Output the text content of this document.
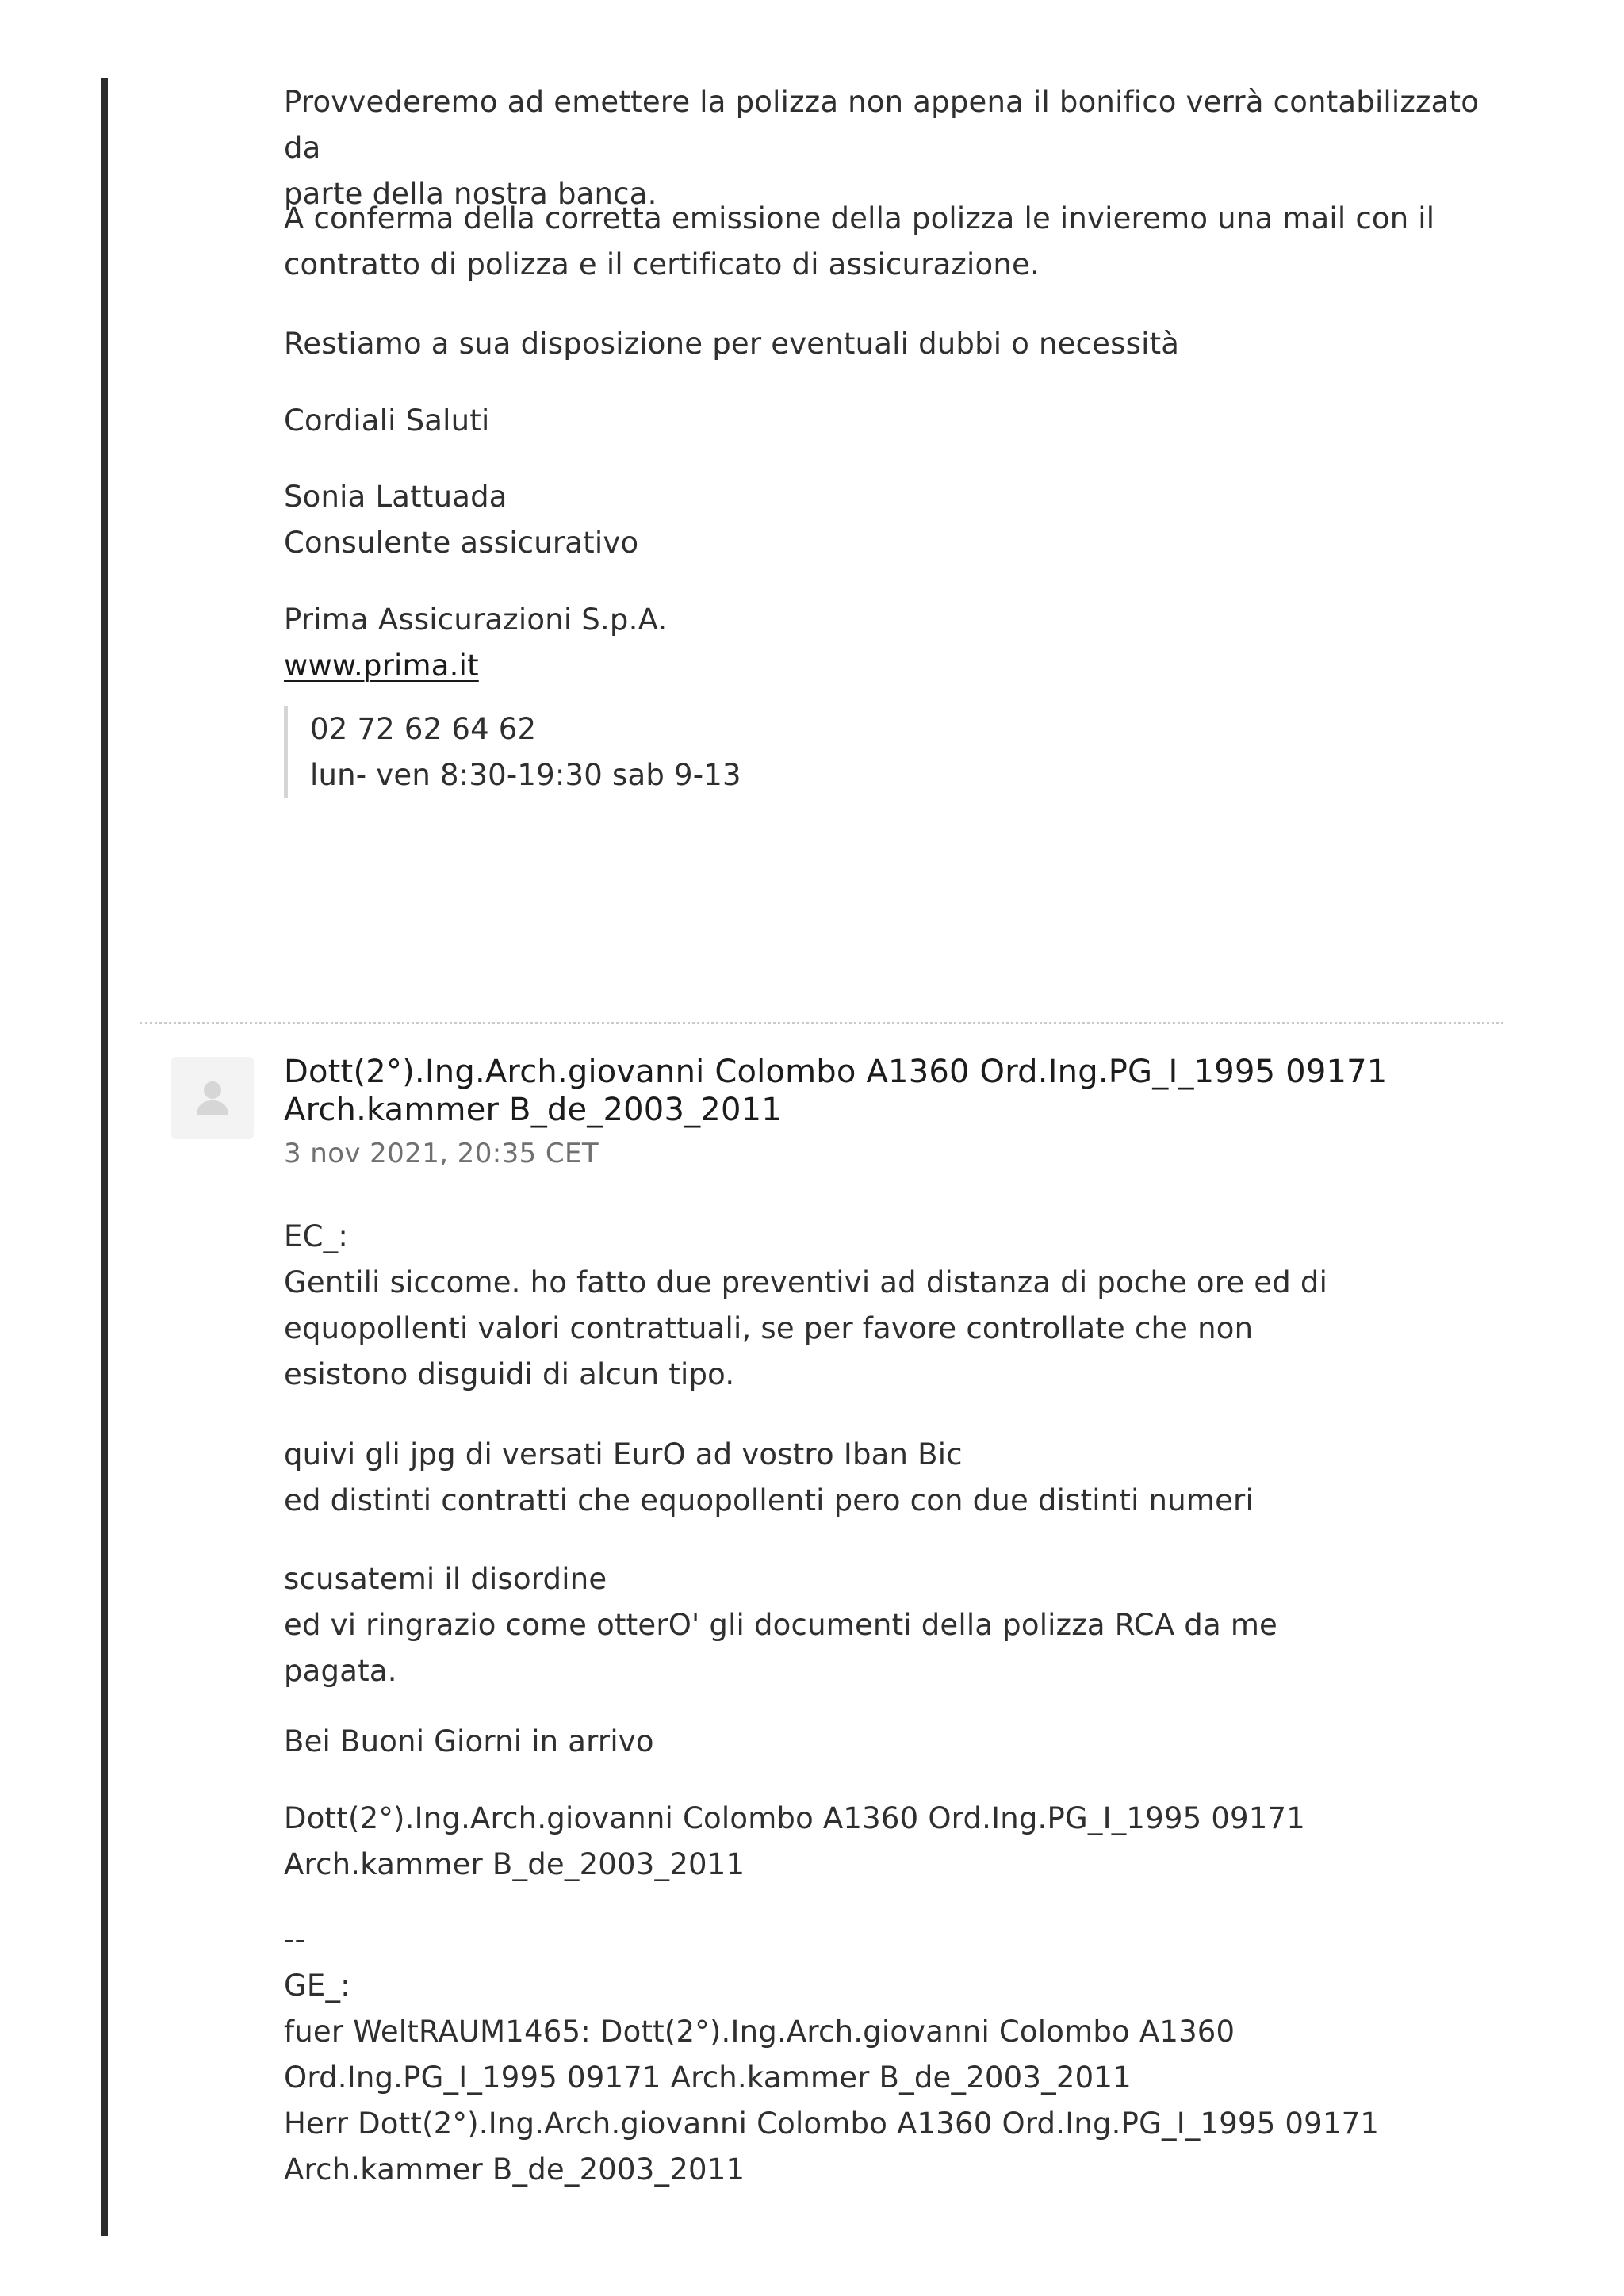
Provvederemo ad emettere la polizza non appena il bonifico verrà contabilizzato da
parte della nostra banca.

A conferma della corretta emissione della polizza le invieremo una mail con il
contratto di polizza e il certificato di assicurazione.

Restiamo a sua disposizione per eventuali dubbi o necessità

Cordiali Saluti

Sonia Lattuada
Consulente assicurativo

Prima Assicurazioni S.p.A.

www.prima.it

02 72 62 64 62

lun- ven 8:30-19:30 sab 9-13

Dott(2°).Ing.Arch.giovanni Colombo A1360 Ord.Ing.PG_I_1995 09171
Arch.kammer B_de_2003_2011

3 nov 2021, 20:35 CET

EC_:
Gentili siccome. ho fatto due preventivi ad distanza di poche ore ed di
equopollenti valori contrattuali, se per favore controllate che non
esistono disguidi di alcun tipo.

quivi gli jpg di versati EurO ad vostro Iban Bic
ed distinti contratti che equopollenti pero con due distinti numeri

scusatemi il disordine
ed vi ringrazio come otterO' gli documenti della polizza RCA da me
pagata.

Bei Buoni Giorni in arrivo

Dott(2°).Ing.Arch.giovanni Colombo A1360 Ord.Ing.PG_I_1995 09171
Arch.kammer B_de_2003_2011

--
GE_:
fuer WeltRAUM1465: Dott(2°).Ing.Arch.giovanni Colombo A1360
Ord.Ing.PG_I_1995 09171 Arch.kammer B_de_2003_2011
Herr Dott(2°).Ing.Arch.giovanni Colombo A1360 Ord.Ing.PG_I_1995 09171
Arch.kammer B_de_2003_2011
